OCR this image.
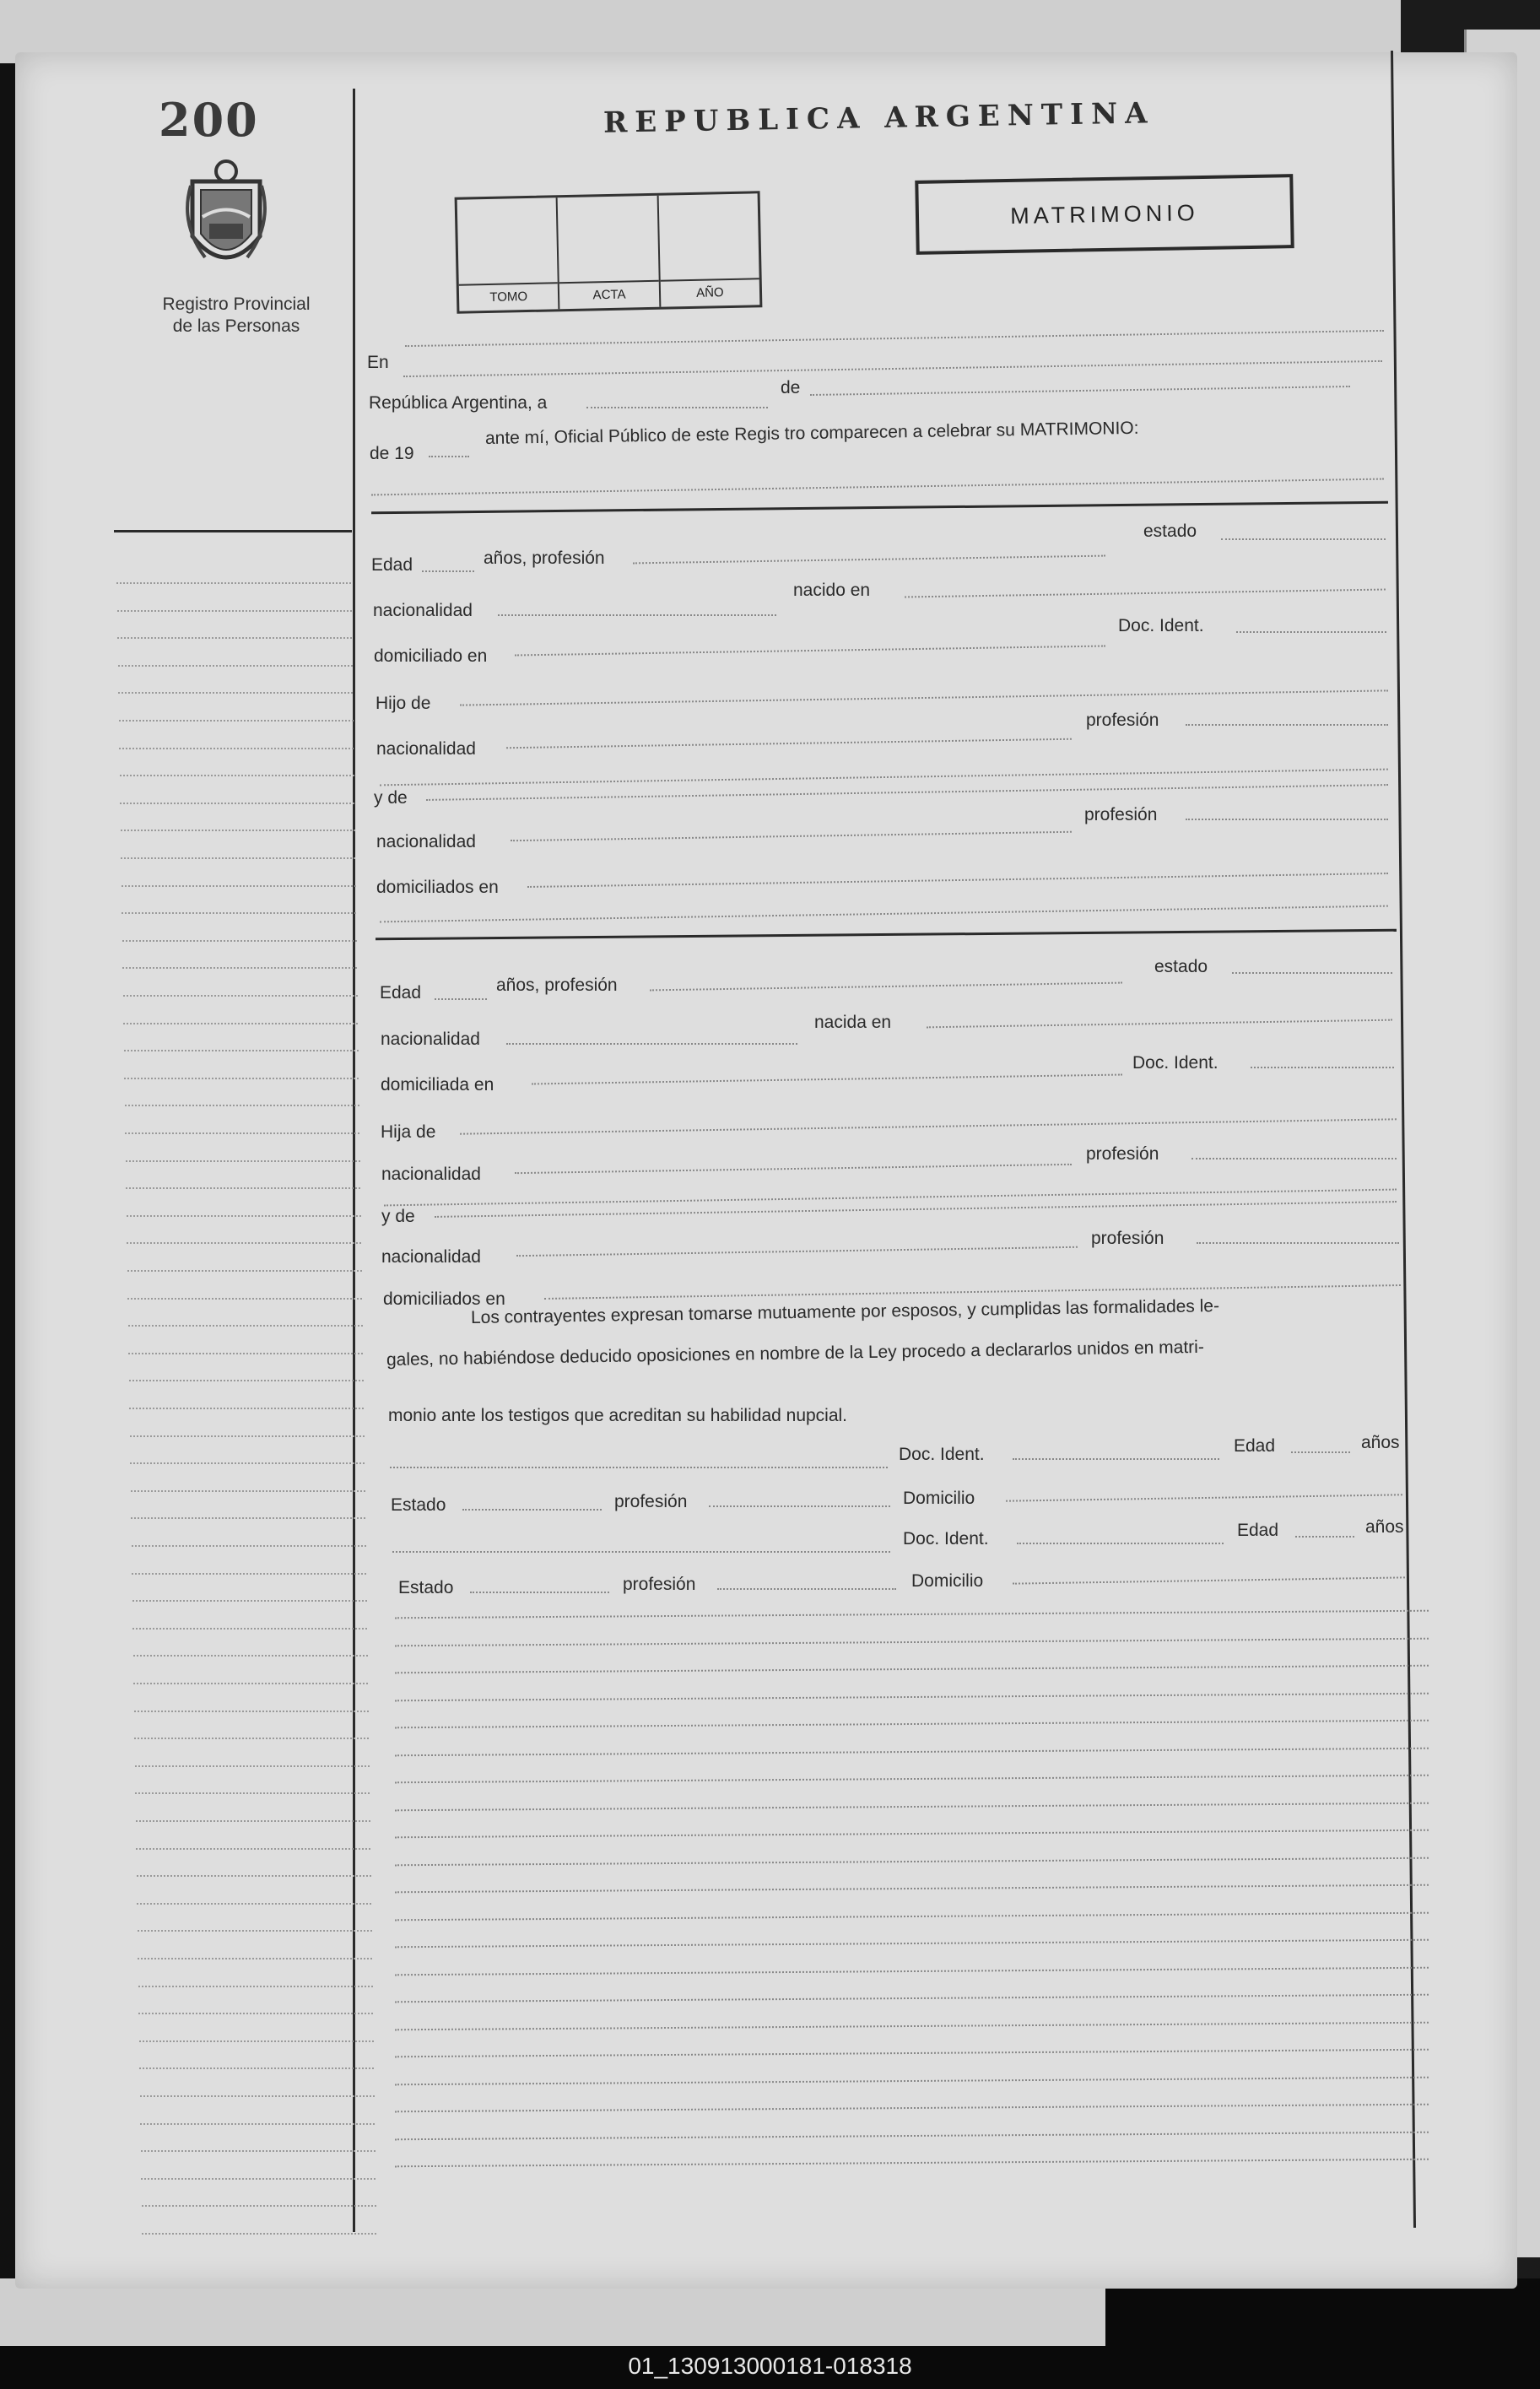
200
Registro Provincial
de las Personas
REPUBLICA ARGENTINA
TOMO	ACTA	AÑO
MATRIMONIO
En
República Argentina, a
de
de 19
ante mí, Oficial Público de este Regis tro comparecen a celebrar su MATRIMONIO:
Edad	años, profesión
estado
nacionalidad
nacido en
domiciliado en
Doc. Ident.
Hijo de
nacionalidad
profesión
y de
nacionalidad
profesión
domiciliados en
Edad	años, profesión
estado
nacionalidad
nacida en
domiciliada en
Doc. Ident.
Hija de
nacionalidad
profesión
y de
nacionalidad
profesión
domiciliados en
Los contrayentes expresan tomarse mutuamente por esposos, y cumplidas las formalidades le-
gales, no habiéndose deducido oposiciones en nombre de la Ley procedo a declararlos unidos en matri-
monio ante los testigos que acreditan su habilidad nupcial.
Doc. Ident.	Edad	años
Estado	profesión	Domicilio
Doc. Ident.	Edad	años
Estado	profesión	Domicilio
01_130913000181-018318
